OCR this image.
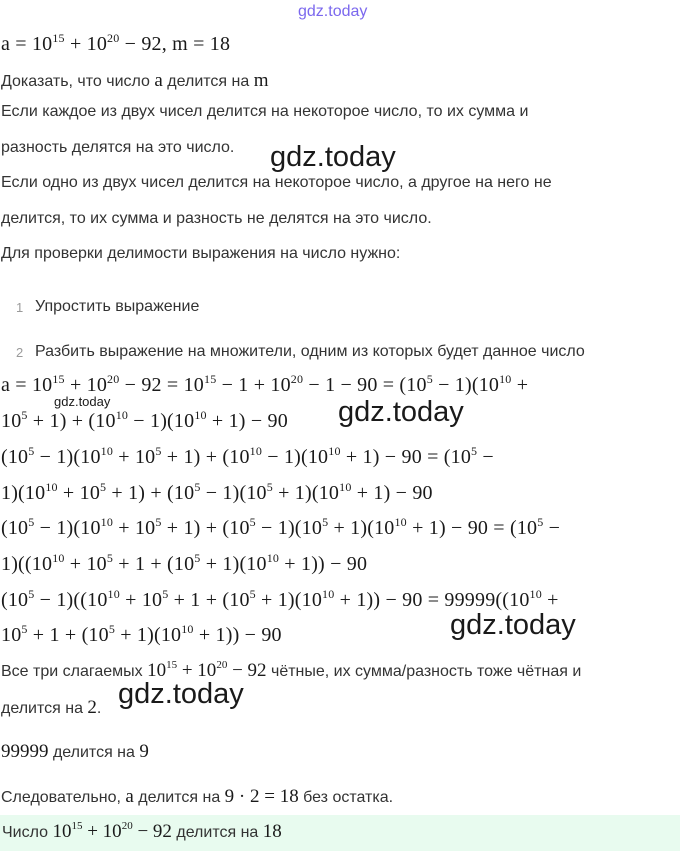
gdz.today
$a = 10^{15} + 10^{20} - 92$, m = 18
Доказать, что число a делится на m
Если каждое из двух чисел делится на некоторое число, то их сумма и
разность делятся на это число. gdz.today
Если одно из двух чисел делится на некоторое число, а другое на него не
делится, то их сумма и разность не делятся на это число.
Для проверки делимости выражения на число нужно:
1 Упростить выражение
2 Разбить выражение на множители, одним из которых будет данное число
$a = 10^{15} + 10^{20} - 92 = 10^{15} - 1 + 10^{20} - 1 - 90 = (10^5 - 1)(10^{10}$ +
gdz.today
$10^5 + 1) + (10^{10} - 1)(10^{10} + 1) - 90$ gdz.today
$(10^5 - 1)(10^{10} + 10^5 + 1) + (10^{10} - 1)(10^{10} + 1) - 90 = (10^5$ −
$1)(10^{10} + 10^5 + 1) + (10^5 - 1)(10^5 + 1)(10^{10} + 1) - 90$
$(10^5 - 1)(10^{10} + 10^5 + 1) + (10^5 - 1)(10^5 + 1)(10^{10} + 1) - 90 = (10^5$ −
$1)((10^{10} + 10^5 + 1 + (10^5 + 1)(10^{10} + 1)) - 90$
$(10^5 - 1)((10^{10} + 10^5 + 1 + (10^5 + 1)(10^{10} + 1)) - 90 = 99999((10^{10}$ +
$10^5 + 1 + (10^5 + 1)(10^{10} + 1)) - 90$	gdz.today
Все три слагаемых $10^{15} + 10^{20} - 92$ чётные, их сумма/разность тоже чётная и
делится на 2. gdz.today
99999 делится на 9
Следовательно, a делится на 9 · 2 = 18 без остатка.
Число $10^{15} + 10^{20} - 92$ делится на 18
